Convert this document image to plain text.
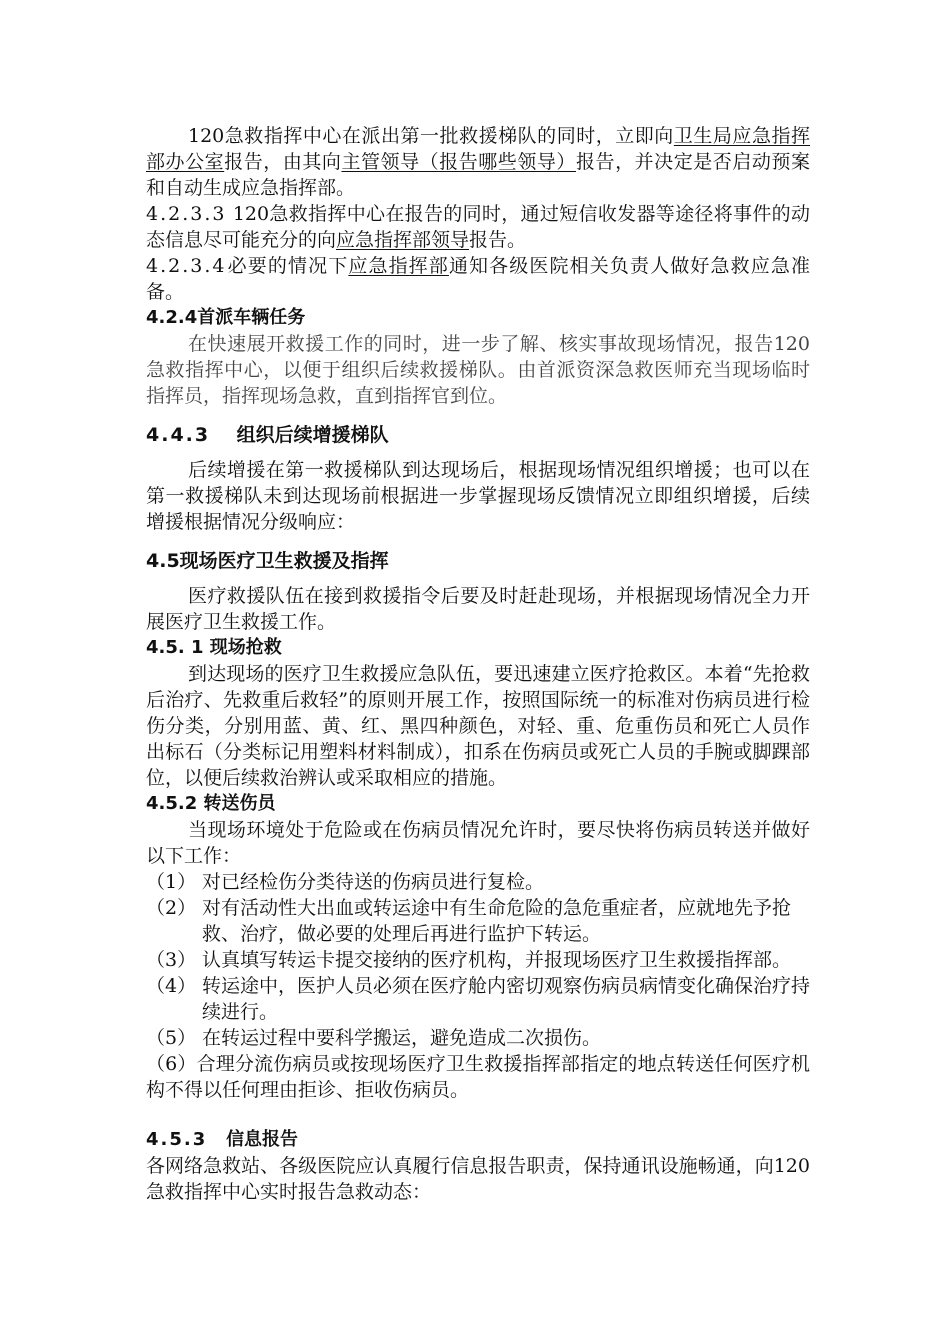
120急救指挥中心在派出第一批救援梯队的同时，立即向卫生局应急指挥部办公室报告，由其向主管领导（报告哪些领导）报告，并决定是否启动预案和自动生成应急指挥部。

4.2.3.3 120急救指挥中心在报告的同时，通过短信收发器等途径将事件的动态信息尽可能充分的向应急指挥部领导报告。

4.2.3.4必要的情况下应急指挥部通知各级医院相关负责人做好急救应急准备。

4.2.4首派车辆任务

在快速展开救援工作的同时，进一步了解、核实事故现场情况，报告120急救指挥中心，以便于组织后续救援梯队。由首派资深急救医师充当现场临时指挥员，指挥现场急救，直到指挥官到位。

4.4.3 组织后续增援梯队

后续增援在第一救援梯队到达现场后，根据现场情况组织增援；也可以在第一救援梯队未到达现场前根据进一步掌握现场反馈情况立即组织增援，后续增援根据情况分级响应：

4.5现场医疗卫生救援及指挥

医疗救援队伍在接到救援指令后要及时赶赴现场，并根据现场情况全力开展医疗卫生救援工作。

4.5. 1 现场抢救

到达现场的医疗卫生救援应急队伍，要迅速建立医疗抢救区。本着“先抢救后治疗、先救重后救轻”的原则开展工作，按照国际统一的标准对伤病员进行检伤分类，分别用蓝、黄、红、黑四种颜色，对轻、重、危重伤员和死亡人员作出标石（分类标记用塑料材料制成），扣系在伤病员或死亡人员的手腕或脚踝部位，以便后续救治辨认或采取相应的措施。

4.5.2 转送伤员

当现场环境处于危险或在伤病员情况允许时，要尽快将伤病员转送并做好以下工作：

（1） 对已经检伤分类待送的伤病员进行复检。
（2） 对有活动性大出血或转运途中有生命危险的急危重症者，应就地先予抢救、治疗，做必要的处理后再进行监护下转运。
（3） 认真填写转运卡提交接纳的医疗机构，并报现场医疗卫生救援指挥部。
（4） 转运途中，医护人员必须在医疗舱内密切观察伤病员病情变化确保治疗持续进行。
（5） 在转运过程中要科学搬运，避免造成二次损伤。

（6）合理分流伤病员或按现场医疗卫生救援指挥部指定的地点转送任何医疗机构不得以任何理由拒诊、拒收伤病员。

4.5.3 信息报告

各网络急救站、各级医院应认真履行信息报告职责，保持通讯设施畅通，向120急救指挥中心实时报告急救动态：
